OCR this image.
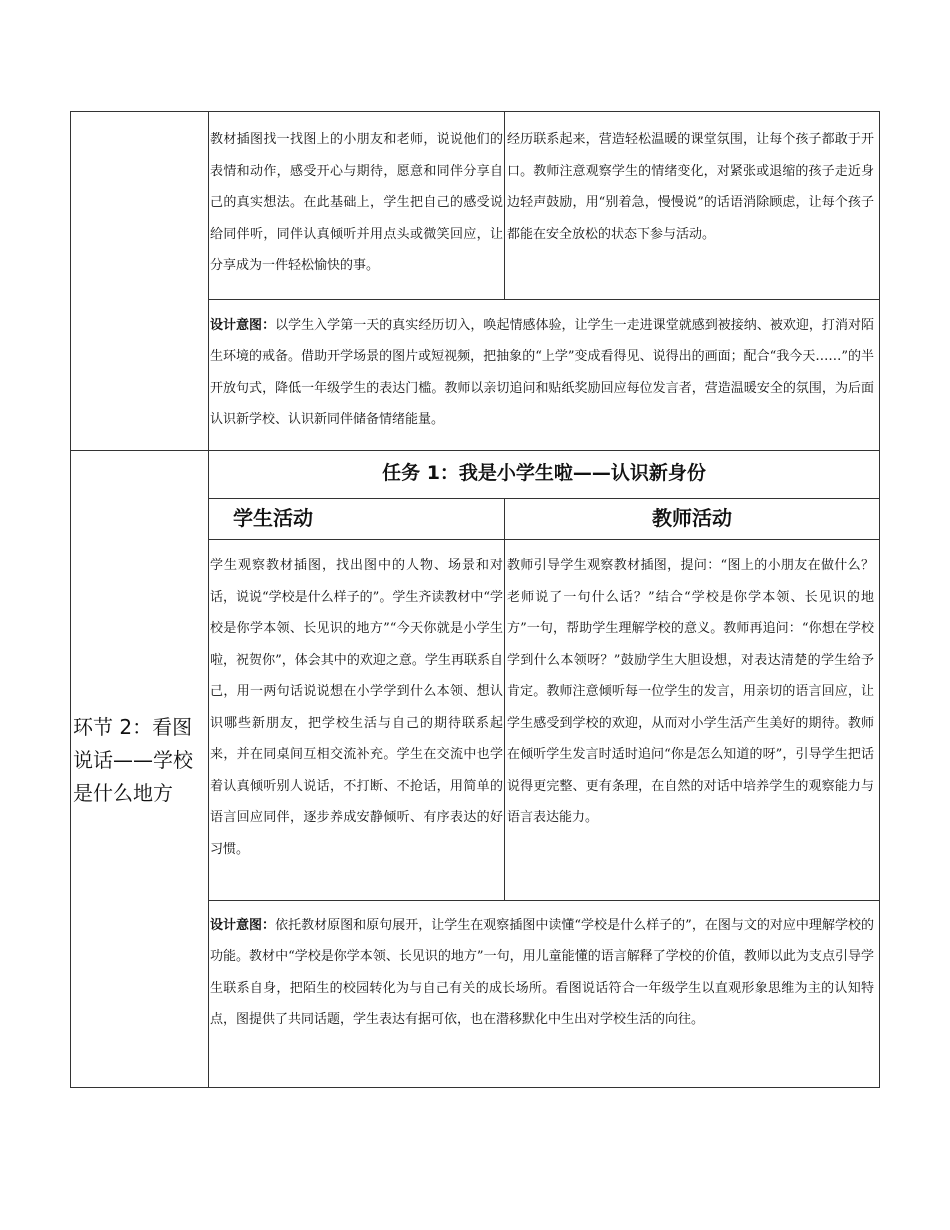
教材插图找一找图上的小朋友和老师，说说他们的表情和动作，感受开心与期待，愿意和同伴分享自己的真实想法。在此基础上，学生把自己的感受说给同伴听，同伴认真倾听并用点头或微笑回应，让分享成为一件轻松愉快的事。
经历联系起来，营造轻松温暖的课堂氛围，让每个孩子都敢于开口。教师注意观察学生的情绪变化，对紧张或退缩的孩子走近身边轻声鼓励，用“别着急，慢慢说”的话语消除顾虑，让每个孩子都能在安全放松的状态下参与活动。
设计意图：以学生入学第一天的真实经历切入，唤起情感体验，让学生一走进课堂就感到被接纳、被欢迎，打消对陌生环境的戒备。借助开学场景的图片或短视频，把抽象的“上学”变成看得见、说得出的画面；配合“我今天……”的半开放句式，降低一年级学生的表达门槛。教师以亲切追问和贴纸奖励回应每位发言者，营造温暖安全的氛围，为后面认识新学校、认识新同伴储备情绪能量。
环节 2：看图说话——学校是什么地方
任务 1：我是小学生啦——认识新身份
学生活动	教师活动
学生观察教材插图，找出图中的人物、场景和对话，说说“学校是什么样子的”。学生齐读教材中“学校是你学本领、长见识的地方”“今天你就是小学生啦，祝贺你”，体会其中的欢迎之意。学生再联系自己，用一两句话说说想在小学学到什么本领、想认识哪些新朋友，把学校生活与自己的期待联系起来，并在同桌间互相交流补充。学生在交流中也学着认真倾听别人说话，不打断、不抢话，用简单的语言回应同伴，逐步养成安静倾听、有序表达的好习惯。
教师引导学生观察教材插图，提问：“图上的小朋友在做什么？老师说了一句什么话？”结合“学校是你学本领、长见识的地方”一句，帮助学生理解学校的意义。教师再追问：“你想在学校学到什么本领呀？”鼓励学生大胆设想，对表达清楚的学生给予肯定。教师注意倾听每一位学生的发言，用亲切的语言回应，让学生感受到学校的欢迎，从而对小学生活产生美好的期待。教师在倾听学生发言时适时追问“你是怎么知道的呀”，引导学生把话说得更完整、更有条理，在自然的对话中培养学生的观察能力与语言表达能力。
设计意图：依托教材原图和原句展开，让学生在观察插图中读懂“学校是什么样子的”，在图与文的对应中理解学校的功能。教材中“学校是你学本领、长见识的地方”一句，用儿童能懂的语言解释了学校的价值，教师以此为支点引导学生联系自身，把陌生的校园转化为与自己有关的成长场所。看图说话符合一年级学生以直观形象思维为主的认知特点，图提供了共同话题，学生表达有据可依，也在潜移默化中生出对学校生活的向往。
